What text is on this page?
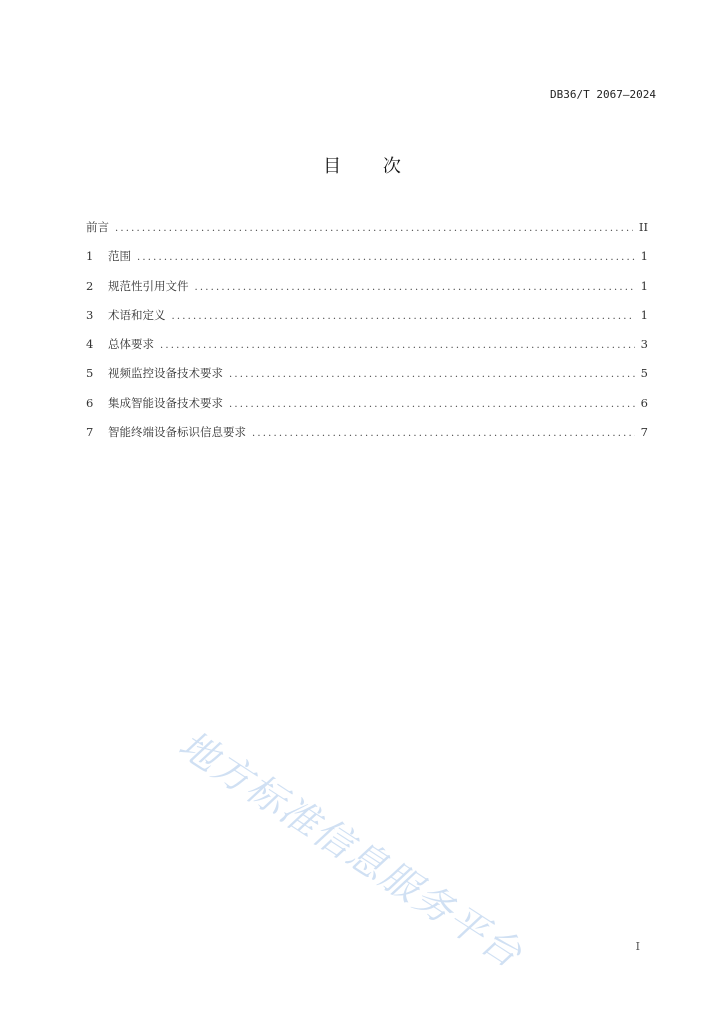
DB36/T 2067—2024
目 次
前言 .....	II
1	范围 .....	1
2	规范性引用文件 .....	1
3	术语和定义 .....	1
4	总体要求 .....	3
5	视频监控设备技术要求 .....	5
6	集成智能设备技术要求 .....	6
7	智能终端设备标识信息要求 .....	7
地方标准信息服务平台	I
